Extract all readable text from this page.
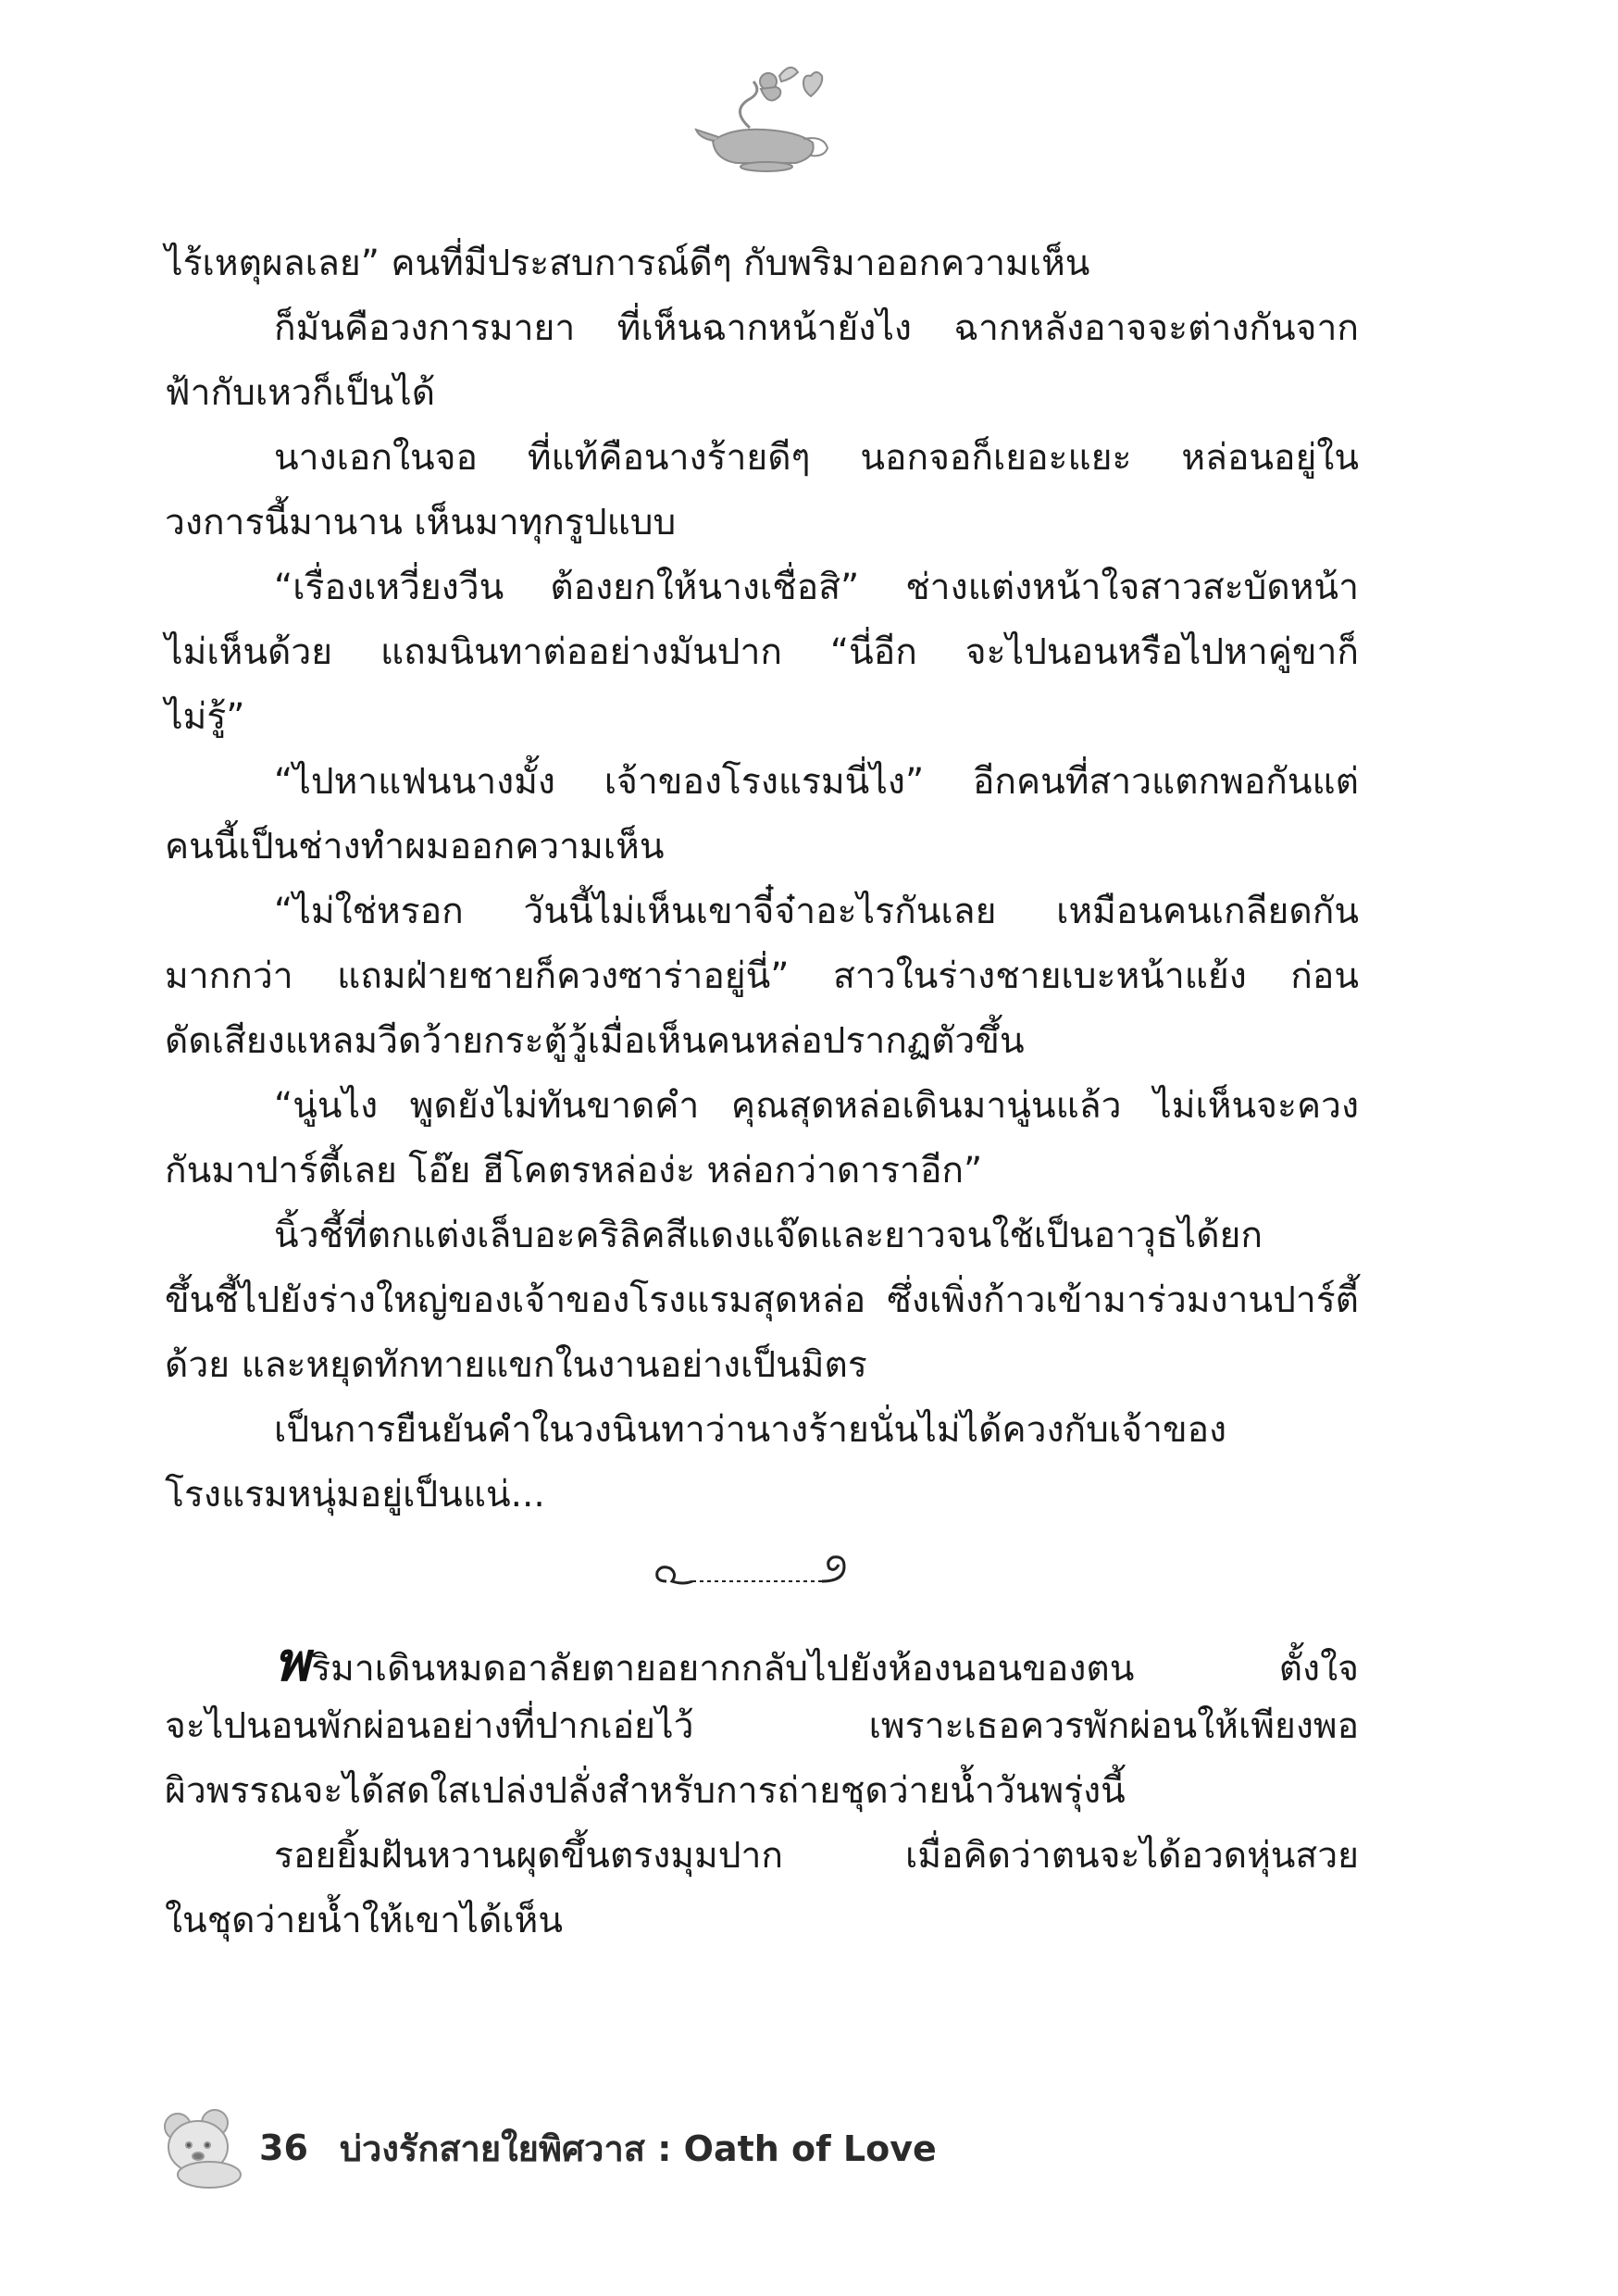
ไร้เหตุผลเลย” คนที่มีประสบการณ์ดีๆ กับพริมาออกความเห็น
ก็มันคือวงการมายา ที่เห็นฉากหน้ายังไง ฉากหลังอาจจะต่างกันจาก
ฟ้ากับเหวก็เป็นได้
นางเอกในจอ ที่แท้คือนางร้ายดีๆ นอกจอก็เยอะแยะ หล่อนอยู่ใน
วงการนี้มานาน เห็นมาทุกรูปแบบ
“เรื่องเหวี่ยงวีน ต้องยกให้นางเชื่อสิ” ช่างแต่งหน้าใจสาวสะบัดหน้า
ไม่เห็นด้วย แถมนินทาต่ออย่างมันปาก “นี่อีก จะไปนอนหรือไปหาคู่ขาก็
ไม่รู้”
“ไปหาแฟนนางมั้ง เจ้าของโรงแรมนี่ไง” อีกคนที่สาวแตกพอกันแต่
คนนี้เป็นช่างทำผมออกความเห็น
“ไม่ใช่หรอก วันนี้ไม่เห็นเขาจี๋จ๋าอะไรกันเลย เหมือนคนเกลียดกัน
มากกว่า แถมฝ่ายชายก็ควงซาร่าอยู่นี่” สาวในร่างชายเบะหน้าแย้ง ก่อน
ดัดเสียงแหลมวีดว้ายกระตู้วู้เมื่อเห็นคนหล่อปรากฏตัวขึ้น
“นู่นไง พูดยังไม่ทันขาดคำ คุณสุดหล่อเดินมานู่นแล้ว ไม่เห็นจะควง
กันมาปาร์ตี้เลย โอ๊ย ฮีโคตรหล่อง่ะ หล่อกว่าดาราอีก”
นิ้วชี้ที่ตกแต่งเล็บอะคริลิคสีแดงแจ๊ดและยาวจนใช้เป็นอาวุธได้ยก
ขึ้นชี้ไปยังร่างใหญ่ของเจ้าของโรงแรมสุดหล่อ ซึ่งเพิ่งก้าวเข้ามาร่วมงานปาร์ตี้
ด้วย และหยุดทักทายแขกในงานอย่างเป็นมิตร
เป็นการยืนยันคำในวงนินทาว่านางร้ายนั่นไม่ได้ควงกับเจ้าของ
โรงแรมหนุ่มอยู่เป็นแน่...
พริมาเดินหมดอาลัยตายอยากกลับไปยังห้องนอนของตน ตั้งใจ
จะไปนอนพักผ่อนอย่างที่ปากเอ่ยไว้ เพราะเธอควรพักผ่อนให้เพียงพอ
ผิวพรรณจะได้สดใสเปล่งปลั่งสำหรับการถ่ายชุดว่ายน้ำวันพรุ่งนี้
รอยยิ้มฝันหวานผุดขึ้นตรงมุมปาก เมื่อคิดว่าตนจะได้อวดหุ่นสวย
ในชุดว่ายน้ำให้เขาได้เห็น
36 บ่วงรักสายใยพิศวาส : Oath of Love
